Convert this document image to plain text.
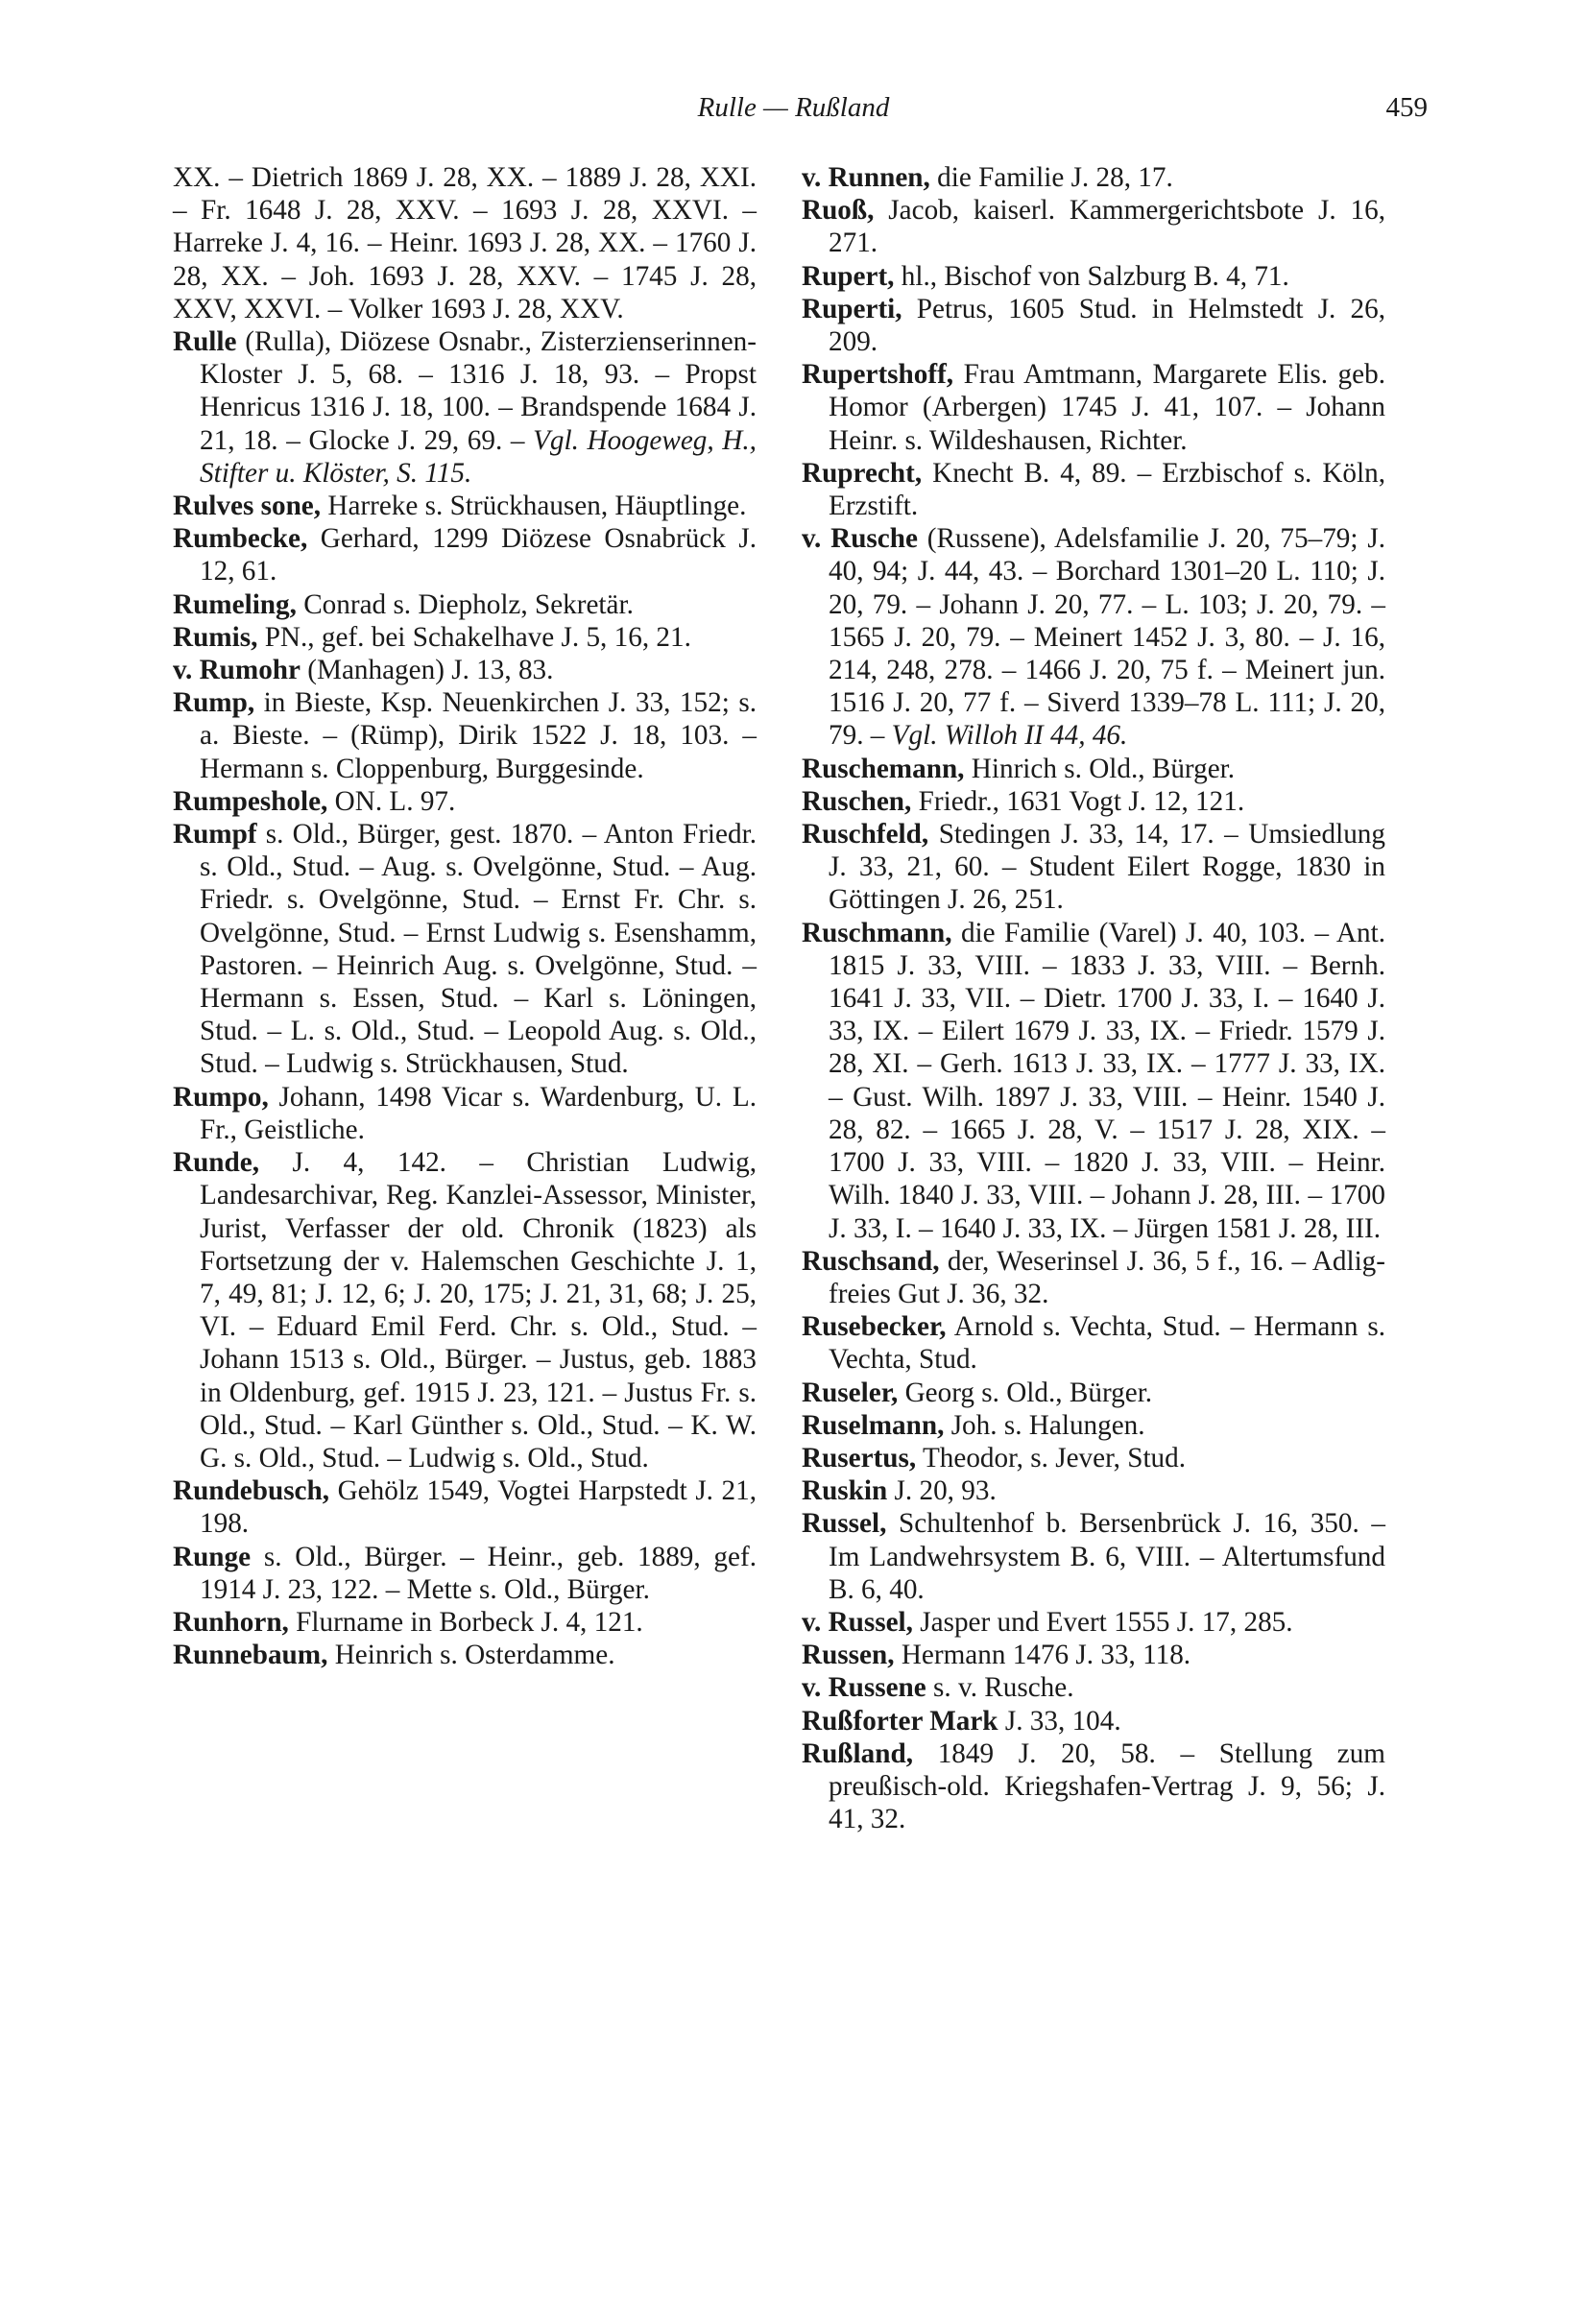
Rulle — Rußland	459

XX. – Dietrich 1869 J. 28, XX. – 1889 J. 28, XXI. – Fr. 1648 J. 28, XXV. – 1693 J. 28, XXVI. – Harreke J. 4, 16. – Heinr. 1693 J. 28, XX. – 1760 J. 28, XX. – Joh. 1693 J. 28, XXV. – 1745 J. 28, XXV, XXVI. – Volker 1693 J. 28, XXV.

Rulle (Rulla), Diözese Osnabr., Zisterzienserinnen-Kloster J. 5, 68. – 1316 J. 18, 93. – Propst Henricus 1316 J. 18, 100. – Brandspende 1684 J. 21, 18. – Glocke J. 29, 69. – Vgl. Hoogeweg, H., Stifter u. Klöster, S. 115.

Rulves sone, Harreke s. Strückhausen, Häuptlinge.

Rumbecke, Gerhard, 1299 Diözese Osnabrück J. 12, 61.

Rumeling, Conrad s. Diepholz, Sekretär.

Rumis, PN., gef. bei Schakelhave J. 5, 16, 21.

v. Rumohr (Manhagen) J. 13, 83.

Rump, in Bieste, Ksp. Neuenkirchen J. 33, 152; s. a. Bieste. – (Rümp), Dirik 1522 J. 18, 103. – Hermann s. Cloppenburg, Burggesinde.

Rumpeshole, ON. L. 97.

Rumpf s. Old., Bürger, gest. 1870. – Anton Friedr. s. Old., Stud. – Aug. s. Ovelgönne, Stud. – Aug. Friedr. s. Ovelgönne, Stud. – Ernst Fr. Chr. s. Ovelgönne, Stud. – Ernst Ludwig s. Esenshamm, Pastoren. – Heinrich Aug. s. Ovelgönne, Stud. – Hermann s. Essen, Stud. – Karl s. Löningen, Stud. – L. s. Old., Stud. – Leopold Aug. s. Old., Stud. – Ludwig s. Strückhausen, Stud.

Rumpo, Johann, 1498 Vicar s. Wardenburg, U. L. Fr., Geistliche.

Runde, J. 4, 142. – Christian Ludwig, Landesarchivar, Reg. Kanzlei-Assessor, Minister, Jurist, Verfasser der old. Chronik (1823) als Fortsetzung der v. Halemschen Geschichte J. 1, 7, 49, 81; J. 12, 6; J. 20, 175; J. 21, 31, 68; J. 25, VI. – Eduard Emil Ferd. Chr. s. Old., Stud. – Johann 1513 s. Old., Bürger. – Justus, geb. 1883 in Oldenburg, gef. 1915 J. 23, 121. – Justus Fr. s. Old., Stud. – Karl Günther s. Old., Stud. – K. W. G. s. Old., Stud. – Ludwig s. Old., Stud.

Rundebusch, Gehölz 1549, Vogtei Harpstedt J. 21, 198.

Runge s. Old., Bürger. – Heinr., geb. 1889, gef. 1914 J. 23, 122. – Mette s. Old., Bürger.

Runhorn, Flurname in Borbeck J. 4, 121.

Runnebaum, Heinrich s. Osterdamme.

v. Runnen, die Familie J. 28, 17.

Ruoß, Jacob, kaiserl. Kammergerichtsbote J. 16, 271.

Rupert, hl., Bischof von Salzburg B. 4, 71.

Ruperti, Petrus, 1605 Stud. in Helmstedt J. 26, 209.

Rupertshoff, Frau Amtmann, Margarete Elis. geb. Homor (Arbergen) 1745 J. 41, 107. – Johann Heinr. s. Wildeshausen, Richter.

Ruprecht, Knecht B. 4, 89. – Erzbischof s. Köln, Erzstift.

v. Rusche (Russene), Adelsfamilie J. 20, 75–79; J. 40, 94; J. 44, 43. – Borchard 1301–20 L. 110; J. 20, 79. – Johann J. 20, 77. – L. 103; J. 20, 79. – 1565 J. 20, 79. – Meinert 1452 J. 3, 80. – J. 16, 214, 248, 278. – 1466 J. 20, 75 f. – Meinert jun. 1516 J. 20, 77 f. – Siverd 1339–78 L. 111; J. 20, 79. – Vgl. Willoh II 44, 46.

Ruschemann, Hinrich s. Old., Bürger.

Ruschen, Friedr., 1631 Vogt J. 12, 121.

Ruschfeld, Stedingen J. 33, 14, 17. – Umsiedlung J. 33, 21, 60. – Student Eilert Rogge, 1830 in Göttingen J. 26, 251.

Ruschmann, die Familie (Varel) J. 40, 103. – Ant. 1815 J. 33, VIII. – 1833 J. 33, VIII. – Bernh. 1641 J. 33, VII. – Dietr. 1700 J. 33, I. – 1640 J. 33, IX. – Eilert 1679 J. 33, IX. – Friedr. 1579 J. 28, XI. – Gerh. 1613 J. 33, IX. – 1777 J. 33, IX. – Gust. Wilh. 1897 J. 33, VIII. – Heinr. 1540 J. 28, 82. – 1665 J. 28, V. – 1517 J. 28, XIX. – 1700 J. 33, VIII. – 1820 J. 33, VIII. – Heinr. Wilh. 1840 J. 33, VIII. – Johann J. 28, III. – 1700 J. 33, I. – 1640 J. 33, IX. – Jürgen 1581 J. 28, III.

Ruschsand, der, Weserinsel J. 36, 5 f., 16. – Adlig-freies Gut J. 36, 32.

Rusebecker, Arnold s. Vechta, Stud. – Hermann s. Vechta, Stud.

Ruseler, Georg s. Old., Bürger.

Ruselmann, Joh. s. Halungen.

Rusertus, Theodor, s. Jever, Stud.

Ruskin J. 20, 93.

Russel, Schultenhof b. Bersenbrück J. 16, 350. – Im Landwehrsystem B. 6, VIII. – Altertumsfund B. 6, 40.

v. Russel, Jasper und Evert 1555 J. 17, 285.

Russen, Hermann 1476 J. 33, 118.

v. Russene s. v. Rusche.

Rußforter Mark J. 33, 104.

Rußland, 1849 J. 20, 58. – Stellung zum preußisch-old. Kriegshafen-Vertrag J. 9, 56; J. 41, 32.
